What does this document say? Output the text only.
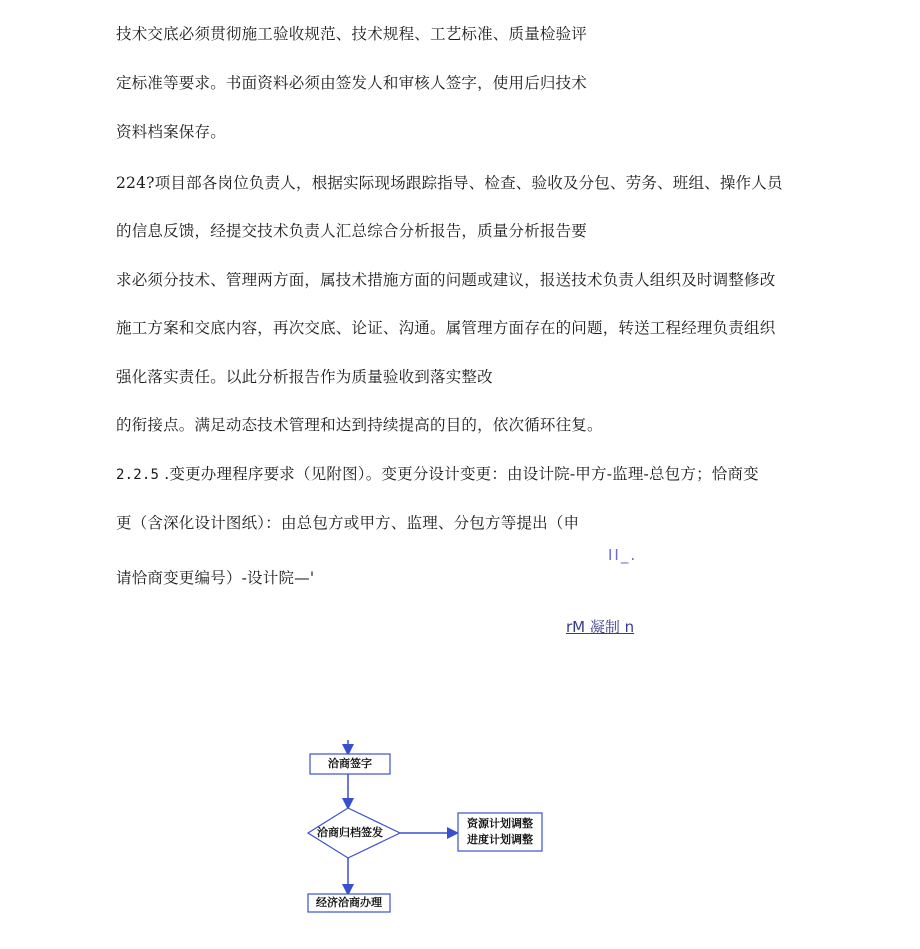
技术交底必须贯彻施工验收规范、技术规程、工艺标准、质量检验评
定标准等要求。书面资料必须由签发人和审核人签字，使用后归技术
资料档案保存。
224?项目部各岗位负责人，根据实际现场跟踪指导、检查、验收及分包、劳务、班组、操作人员
的信息反馈，经提交技术负责人汇总综合分析报告，质量分析报告要
求必须分技术、管理两方面，属技术措施方面的问题或建议，报送技术负责人组织及时调整修改
施工方案和交底内容，再次交底、论证、沟通。属管理方面存在的问题，转送工程经理负责组织
强化落实责任。以此分析报告作为质量验收到落实整改
的衔接点。满足动态技术管理和达到持续提高的目的，依次循环往复。
2.2.5 .变更办理程序要求（见附图）。变更分设计变更：由设计院-甲方-监理-总包方；恰商变
更（含深化设计图纸）：由总包方或甲方、监理、分包方等提出（申
II_.
请恰商变更编号）-设计院—'
rM 凝制 n
洽商签字
洽商归档签发
资源计划调整
进度计划调整
经济洽商办理
